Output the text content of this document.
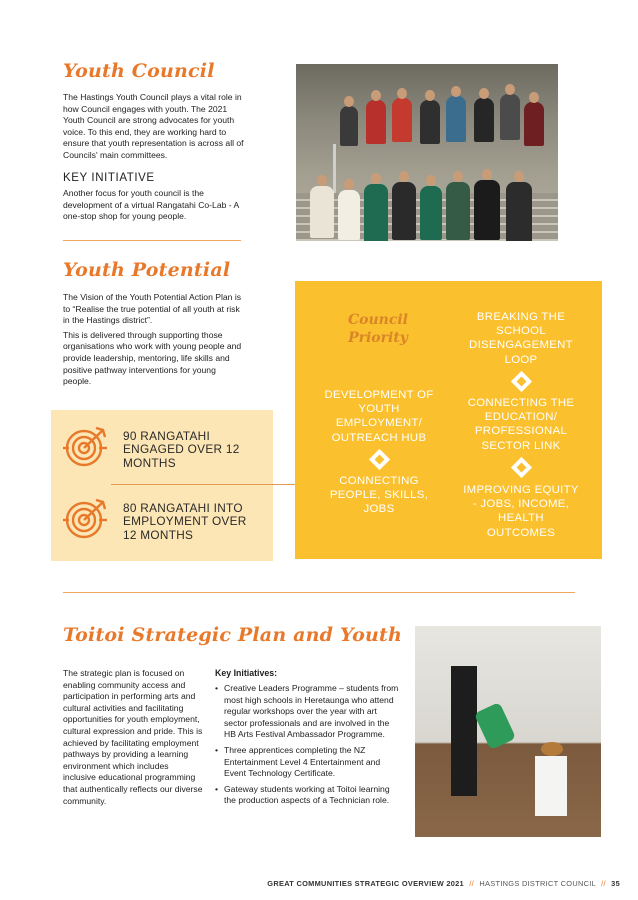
Youth Council
The Hastings Youth Council plays a vital role in how Council engages with youth. The 2021 Youth Council are strong advocates for youth voice. To this end, they are working hard to ensure that youth representation is across all of Councils' main committees.
KEY INITIATIVE
Another focus for youth council is the development of a virtual Rangatahi Co-Lab - A one-stop shop for young people.
Youth Potential

The Vision of the Youth Potential Action Plan is to “Realise the true potential of all youth at risk in the Hastings district”.

This is delivered through supporting those organisations who work with young people and provide leadership, mentoring, life skills and positive pathway interventions for young people.

90 RANGATAHI ENGAGED OVER 12 MONTHS
80 RANGATAHI INTO EMPLOYMENT OVER 12 MONTHS
Council Priority
DEVELOPMENT OF YOUTH EMPLOYMENT/ OUTREACH HUB
CONNECTING PEOPLE, SKILLS, JOBS
BREAKING THE SCHOOL DISENGAGEMENT LOOP
CONNECTING THE EDUCATION/ PROFESSIONAL SECTOR LINK
IMPROVING EQUITY - JOBS, INCOME, HEALTH OUTCOMES
Toitoi Strategic Plan and Youth
The strategic plan is focused on enabling community access and participation in performing arts and cultural activities and facilitating opportunities for youth employment, cultural expression and pride. This is achieved by facilitating employment pathways by providing a learning environment which includes inclusive educational programming that authentically reflects our diverse community.
Key Initiatives:
• Creative Leaders Programme – students from most high schools in Heretaunga who attend regular workshops over the year with art sector professionals and are involved in the HB Arts Festival Ambassador Programme.
• Three apprentices completing the NZ Entertainment Level 4 Entertainment and Event Technology Certificate.
• Gateway students working at Toitoi learning the production aspects of a Technician role.
GREAT COMMUNITIES STRATEGIC OVERVIEW 2021 // HASTINGS DISTRICT COUNCIL // 35
